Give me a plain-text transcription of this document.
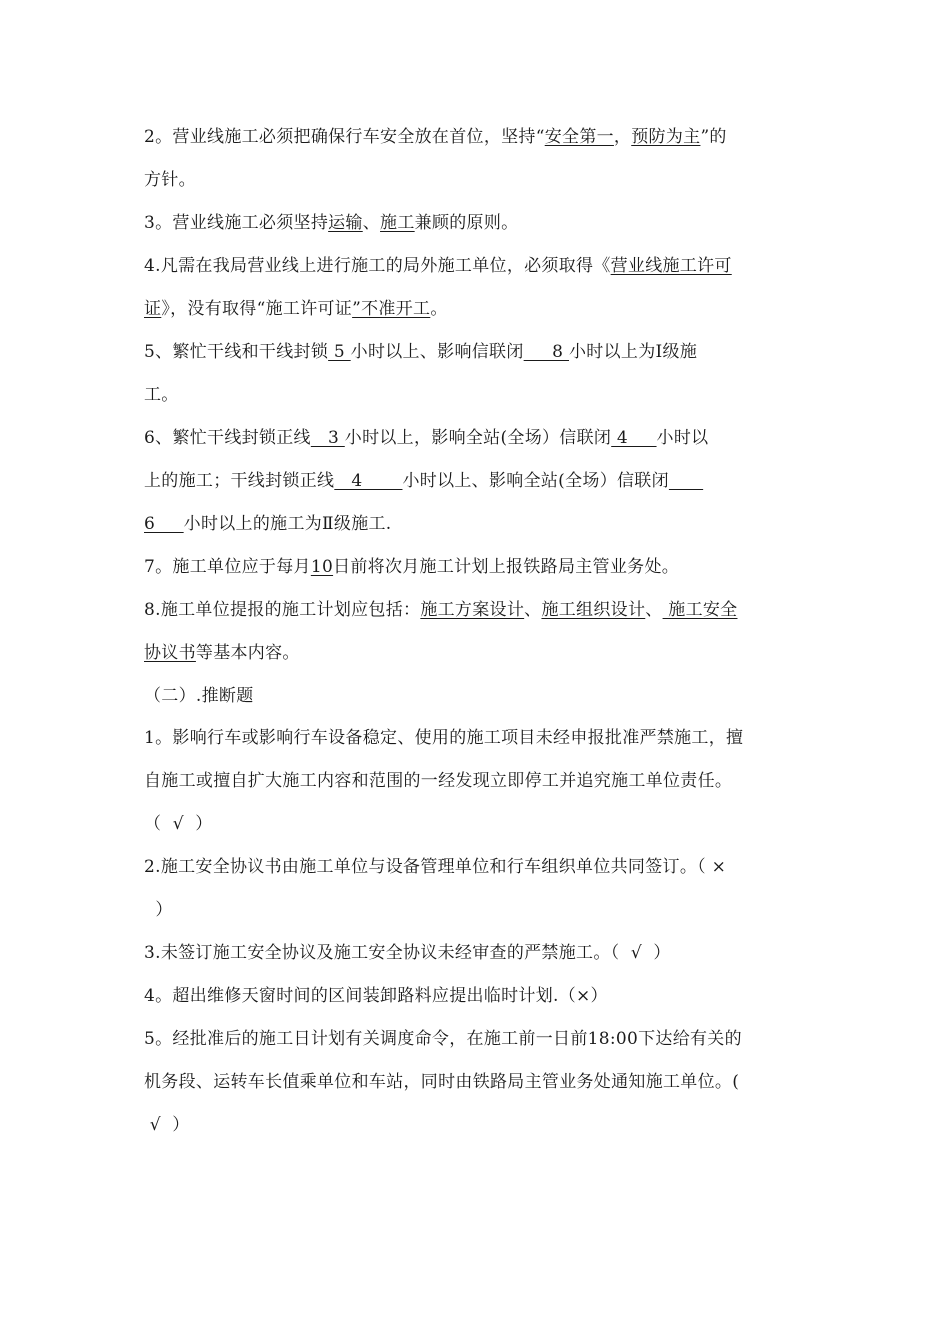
2。营业线施工必须把确保行车安全放在首位，坚持“安全第一，预防为主”的
方针。
3。营业线施工必须坚持运输、施工兼顾的原则。
4.凡需在我局营业线上进行施工的局外施工单位，必须取得《营业线施工许可
证》，没有取得“施工许可证”不准开工。
5、繁忙干线和干线封锁 5 小时以上、影响信联闭     8 小时以上为Ⅰ级施
工。
6、繁忙干线封锁正线   3 小时以上，影响全站(全场）信联闭 4     小时以
上的施工；干线封锁正线   4       小时以上、影响全站(全场）信联闭
6     小时以上的施工为Ⅱ级施工.
7。施工单位应于每月10日前将次月施工计划上报铁路局主管业务处。
8.施工单位提报的施工计划应包括：施工方案设计、施工组织设计、 施工安全
协议书等基本内容。
（二）.推断题
1。影响行车或影响行车设备稳定、使用的施工项目未经申报批准严禁施工，擅
自施工或擅自扩大施工内容和范围的一经发现立即停工并追究施工单位责任。
（  √  ）
2.施工安全协议书由施工单位与设备管理单位和行车组织单位共同签订。（ ×
）
3.未签订施工安全协议及施工安全协议未经审查的严禁施工。（  √  ）
4。超出维修天窗时间的区间装卸路料应提出临时计划.（×）
5。经批准后的施工日计划有关调度命令，在施工前一日前18:00下达给有关的
机务段、运转车长值乘单位和车站，同时由铁路局主管业务处通知施工单位。(
√  ）
